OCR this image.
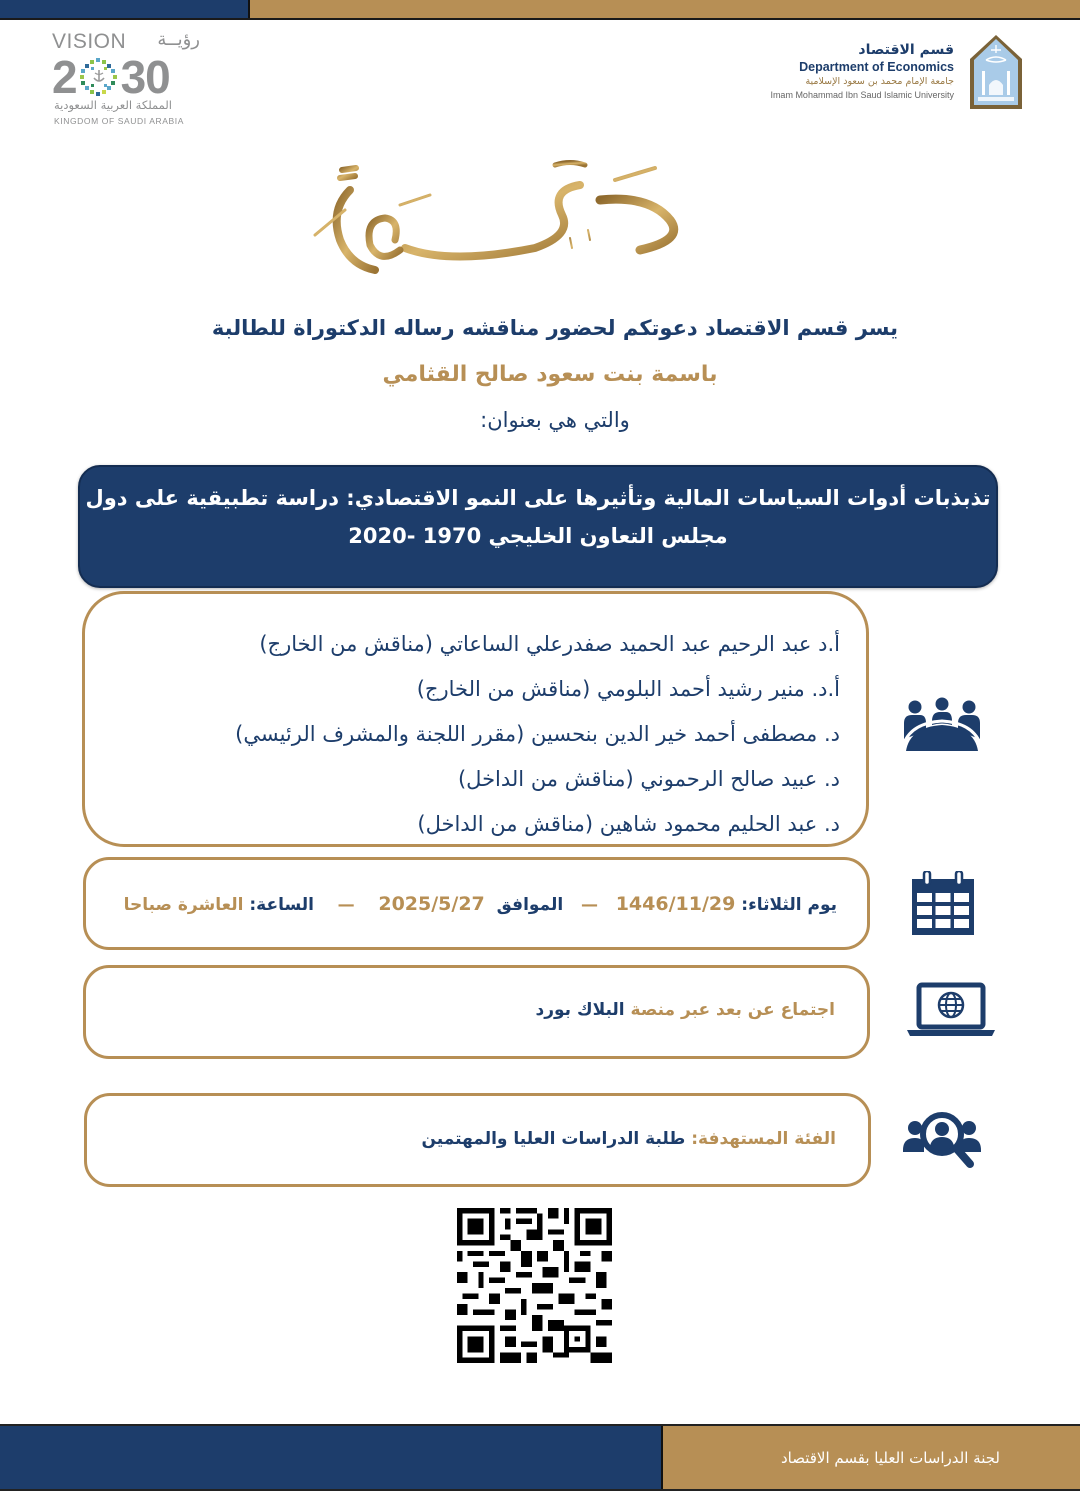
VISION رؤيــة
2 30
المملكة العربية السعودية
KINGDOM OF SAUDI ARABIA
قسم الاقتصاد
Department of Economics
جامعة الإمام محمد بن سعود الإسلامية
Imam Mohammad Ibn Saud Islamic University
يسر قسم الاقتصاد دعوتكم لحضور مناقشه رساله الدكتوراة للطالبة
باسمة بنت سعود صالح القثامي
والتي هي بعنوان:
تذبذبات أدوات السياسات المالية وتأثيرها على النمو الاقتصادي: دراسة تطبيقية على دول
مجلس التعاون الخليجي 1970 -2020
أ.د عبد الرحيم عبد الحميد صفدرعلي الساعاتي (مناقش من الخارج)
أ.د. منير رشيد أحمد البلومي (مناقش من الخارج)
د. مصطفى أحمد خير الدين بنحسين (مقرر اللجنة والمشرف الرئيسي)
د. عبيد صالح الرحموني (مناقش من الداخل)
د. عبد الحليم محمود شاهين (مناقش من الداخل)
يوم الثلاثاء: 1446/11/29   —   الموافق  2025/5/27    —    الساعة: العاشرة صباحا
اجتماع عن بعد عبر منصة البلاك بورد
الفئة المستهدفة: طلبة الدراسات العليا والمهتمين
لجنة الدراسات العليا بقسم الاقتصاد
